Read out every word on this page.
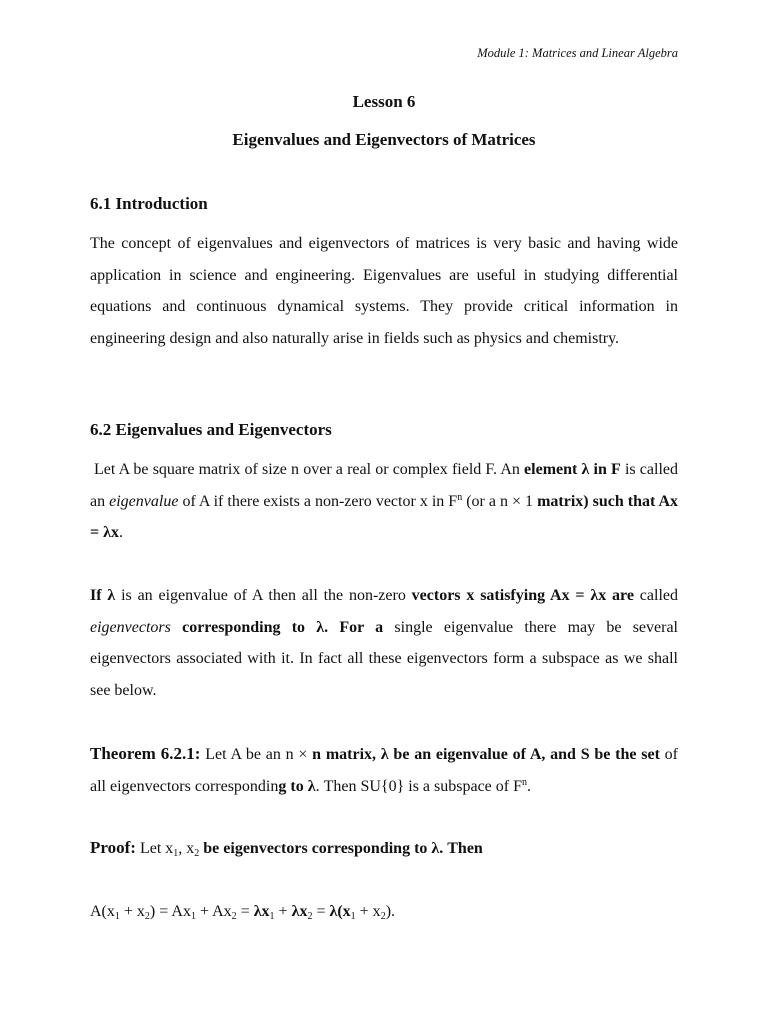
Module 1: Matrices and Linear Algebra
Lesson 6
Eigenvalues and Eigenvectors of Matrices
6.1 Introduction
The concept of eigenvalues and eigenvectors of matrices is very basic and having wide application in science and engineering. Eigenvalues are useful in studying differential equations and continuous dynamical systems. They provide critical information in engineering design and also naturally arise in fields such as physics and chemistry.
6.2 Eigenvalues and Eigenvectors
Let A be square matrix of size n over a real or complex field F. An element λ in F is called an eigenvalue of A if there exists a non-zero vector x in $F^n$ (or a n × 1 matrix) such that Ax = λx.
If λ is an eigenvalue of A then all the non-zero vectors x satisfying Ax = λx are called eigenvectors corresponding to λ. For a single eigenvalue there may be several eigenvectors associated with it. In fact all these eigenvectors form a subspace as we shall see below.
Theorem 6.2.1: Let A be an n × n matrix, λ be an eigenvalue of A, and S be the set of all eigenvectors corresponding to λ. Then SU{0} is a subspace of $F^n$.
Proof: Let $x_1$, $x_2$ be eigenvectors corresponding to λ. Then
$A(x_1 + x_2) = Ax_1 + Ax_2 = \lambda x_1 + \lambda x_2 = \lambda(x_1 + x_2)$.
